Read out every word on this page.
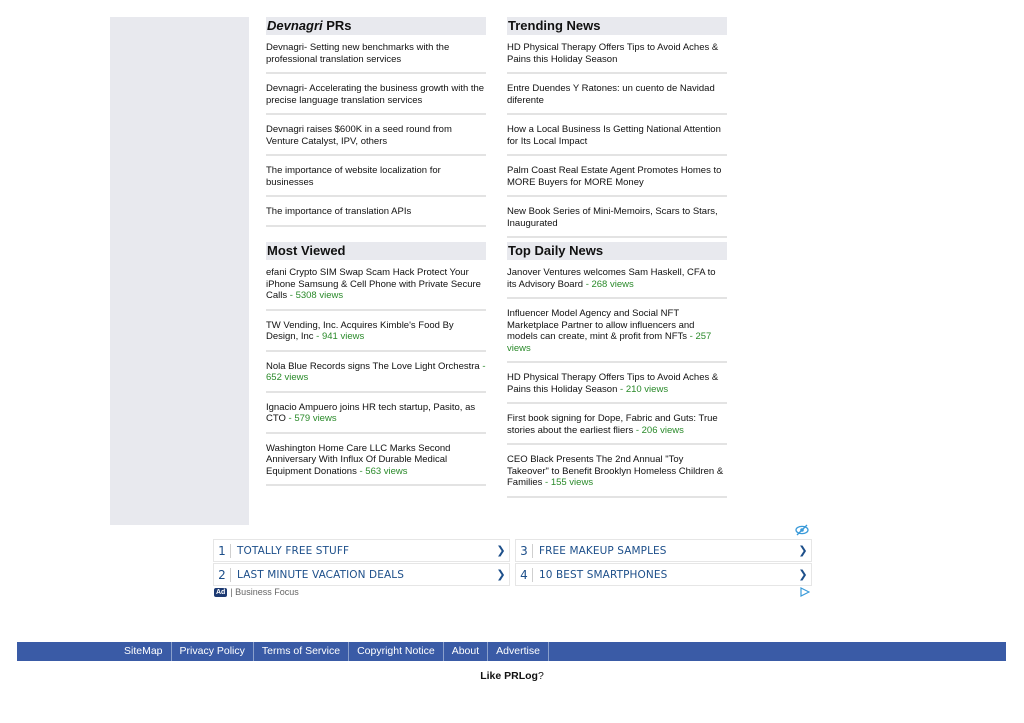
Devnagri PRs
Devnagri- Setting new benchmarks with the professional translation services
Devnagri- Accelerating the business growth with the precise language translation services
Devnagri raises $600K in a seed round from Venture Catalyst, IPV, others
The importance of website localization for businesses
The importance of translation APIs
Trending News
HD Physical Therapy Offers Tips to Avoid Aches & Pains this Holiday Season
Entre Duendes Y Ratones: un cuento de Navidad diferente
How a Local Business Is Getting National Attention for Its Local Impact
Palm Coast Real Estate Agent Promotes Homes to MORE Buyers for MORE Money
New Book Series of Mini-Memoirs, Scars to Stars, Inaugurated
Most Viewed
efani Crypto SIM Swap Scam Hack Protect Your iPhone Samsung & Cell Phone with Private Secure Calls - 5308 views
TW Vending, Inc. Acquires Kimble's Food By Design, Inc - 941 views
Nola Blue Records signs The Love Light Orchestra - 652 views
Ignacio Ampuero joins HR tech startup, Pasito, as CTO - 579 views
Washington Home Care LLC Marks Second Anniversary With Influx Of Durable Medical Equipment Donations - 563 views
Top Daily News
Janover Ventures welcomes Sam Haskell, CFA to its Advisory Board - 268 views
Influencer Model Agency and Social NFT Marketplace Partner to allow influencers and models can create, mint & profit from NFTs - 257 views
HD Physical Therapy Offers Tips to Avoid Aches & Pains this Holiday Season - 210 views
First book signing for Dope, Fabric and Guts: True stories about the earliest fliers - 206 views
CEO Black Presents The 2nd Annual "Toy Takeover" to Benefit Brooklyn Homeless Children & Families - 155 views
1	TOTALLY FREE STUFF	❯	3	FREE MAKEUP SAMPLES	❯
2	LAST MINUTE VACATION DEALS	❯	4	10 BEST SMARTPHONES	❯
Ad | Business Focus
SiteMap	Privacy Policy	Terms of Service	Copyright Notice	About	Advertise
Like PRLog?
